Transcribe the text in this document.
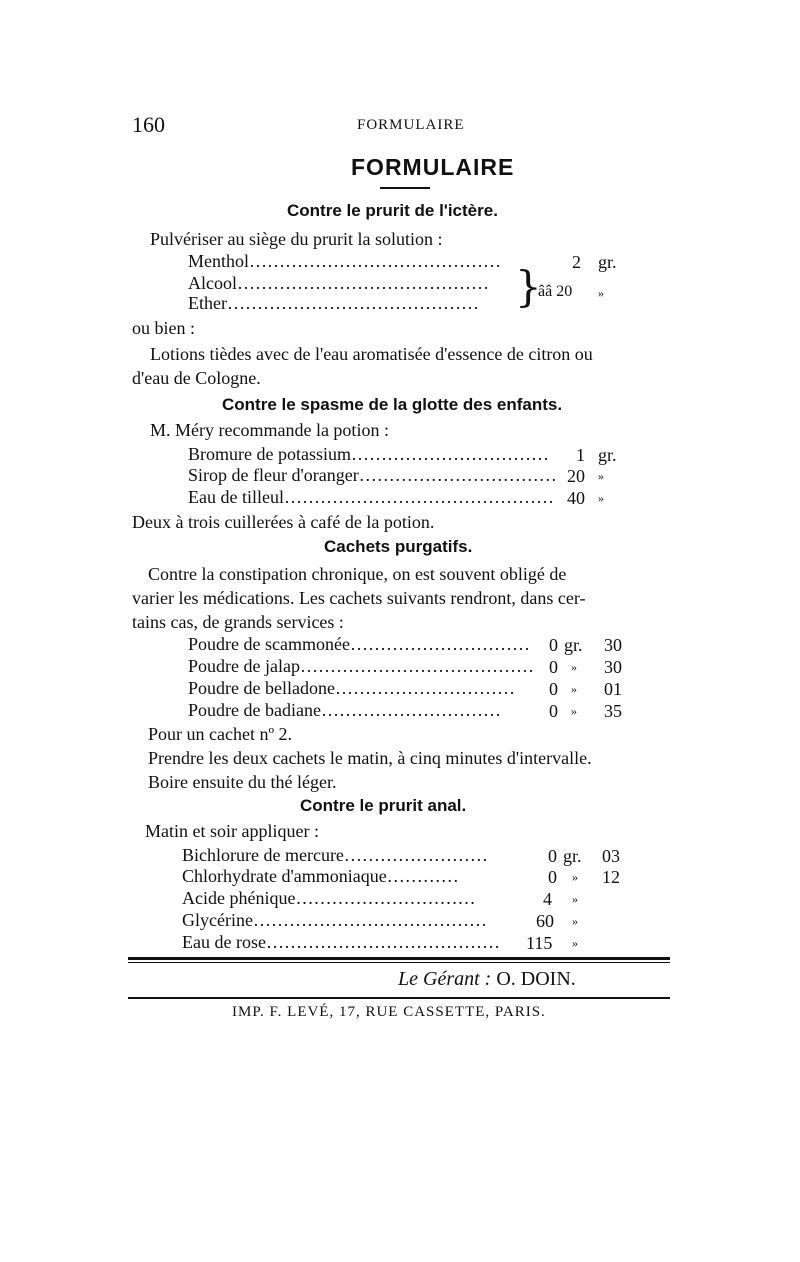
160	FORMULAIRE
FORMULAIRE
Contre le prurit de l'ictère.
Pulvériser au siège du prurit la solution :
Menthol……………………………………	2 gr.
Alcool……………………………………
Ether…………………………………… }
ââ 20 »
ou bien :
Lotions tièdes avec de l'eau aromatisée d'essence de citron ou
d'eau de Cologne.
Contre le spasme de la glotte des enfants.
M. Méry recommande la potion :
Bromure de potassium…………………………… 1 gr.
Sirop de fleur d'oranger…………………………… 20 »
Eau de tilleul……………………………………… 40 »
Deux à trois cuillerées à café de la potion.
Cachets purgatifs.
Contre la constipation chronique, on est souvent obligé de
varier les médications. Les cachets suivants rendront, dans cer-
tains cas, de grands services :
Poudre de scammonée………………………… 0 gr. 30
Poudre de jalap………………………………… 0 » 30
Poudre de belladone………………………… 0 » 01
Poudre de badiane…………………………	0 » 35
Pour un cachet nº 2.
Prendre les deux cachets le matin, à cinq minutes d'intervalle.
Boire ensuite du thé léger.
Contre le prurit anal.
Matin et soir appliquer :
Bichlorure de mercure……………………	0 gr. 03
Chlorhydrate d'ammoniaque…………	0 » 12
Acide phénique…………………………	4 »
Glycérine…………………………………	60 »
Eau de rose………………………………… 115 »
Le Gérant : O. DOIN.
IMP. F. LEVÉ, 17, RUE CASSETTE, PARIS.
